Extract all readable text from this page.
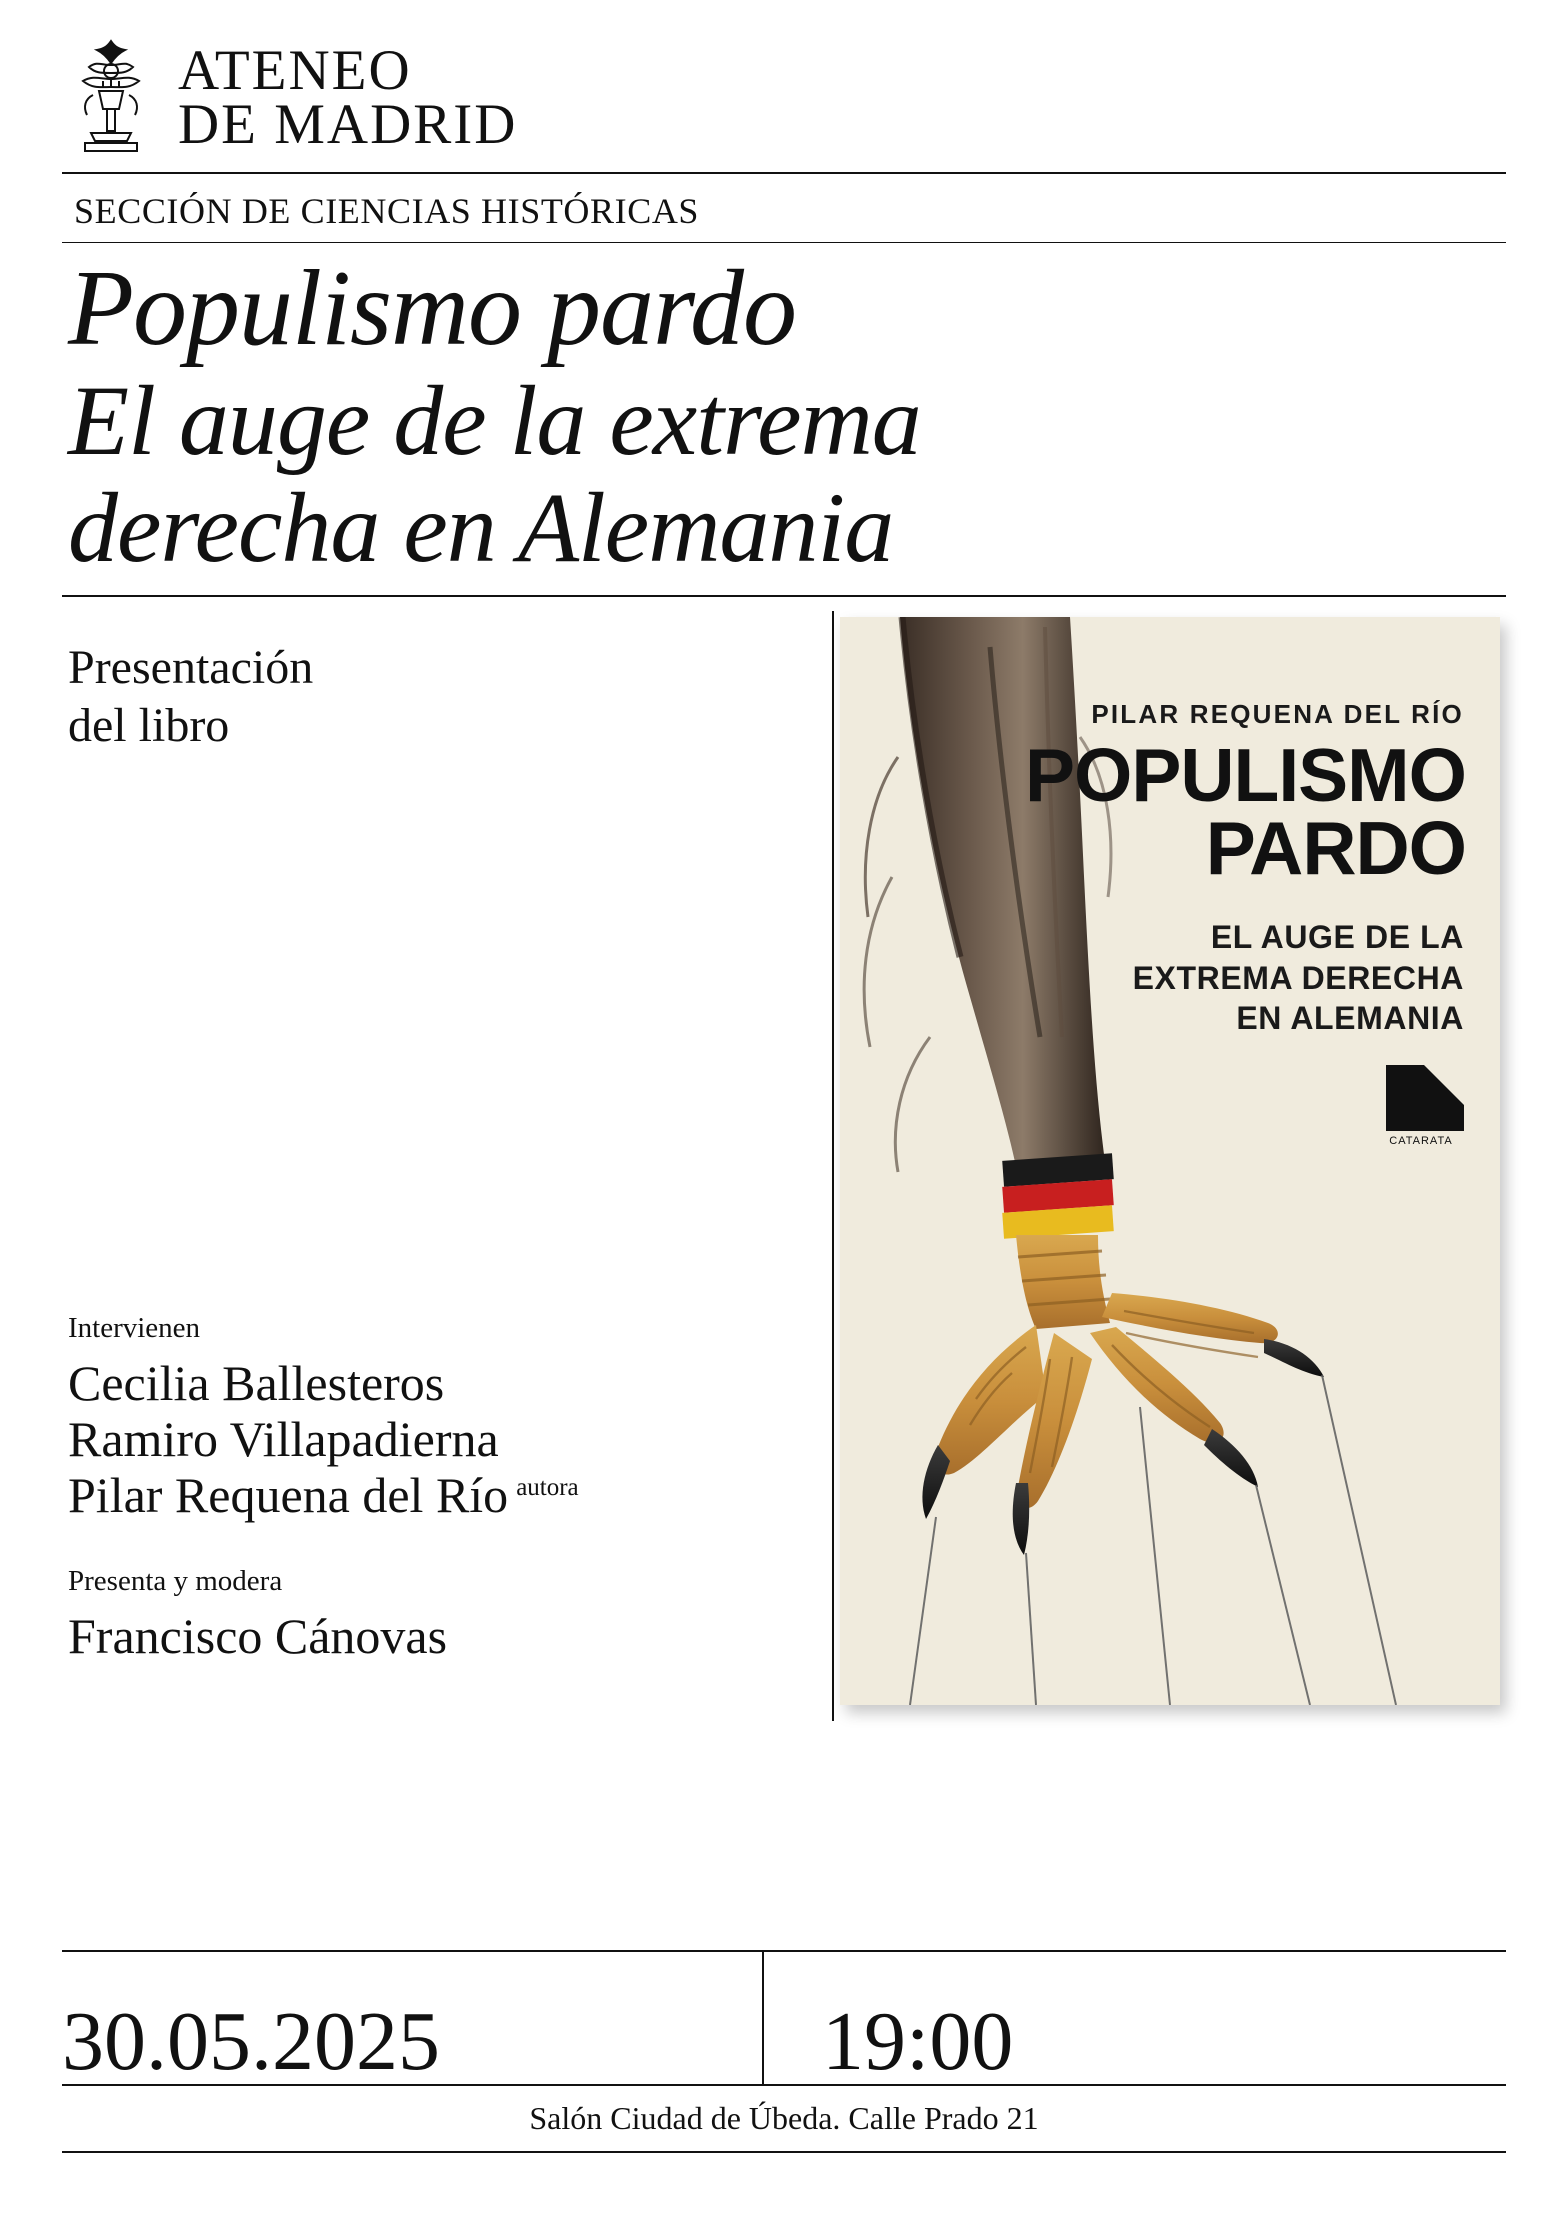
ATENEO
DE MADRID
SECCIÓN DE CIENCIAS HISTÓRICAS
Populismo pardo
El auge de la extrema
derecha en Alemania
Presentación
del libro	PILAR REQUENA DEL RÍO
POPULISMO
PARDO
EL AUGE DE LA
EXTREMA DERECHA
EN ALEMANIA
CATARATA
Intervienen
Cecilia Ballesteros
Ramiro Villapadierna
Pilar Requena del Río $^{autora}$
Presenta y modera
Francisco Cánovas
30.05.2025	19:00
Salón Ciudad de Úbeda. Calle Prado 21
